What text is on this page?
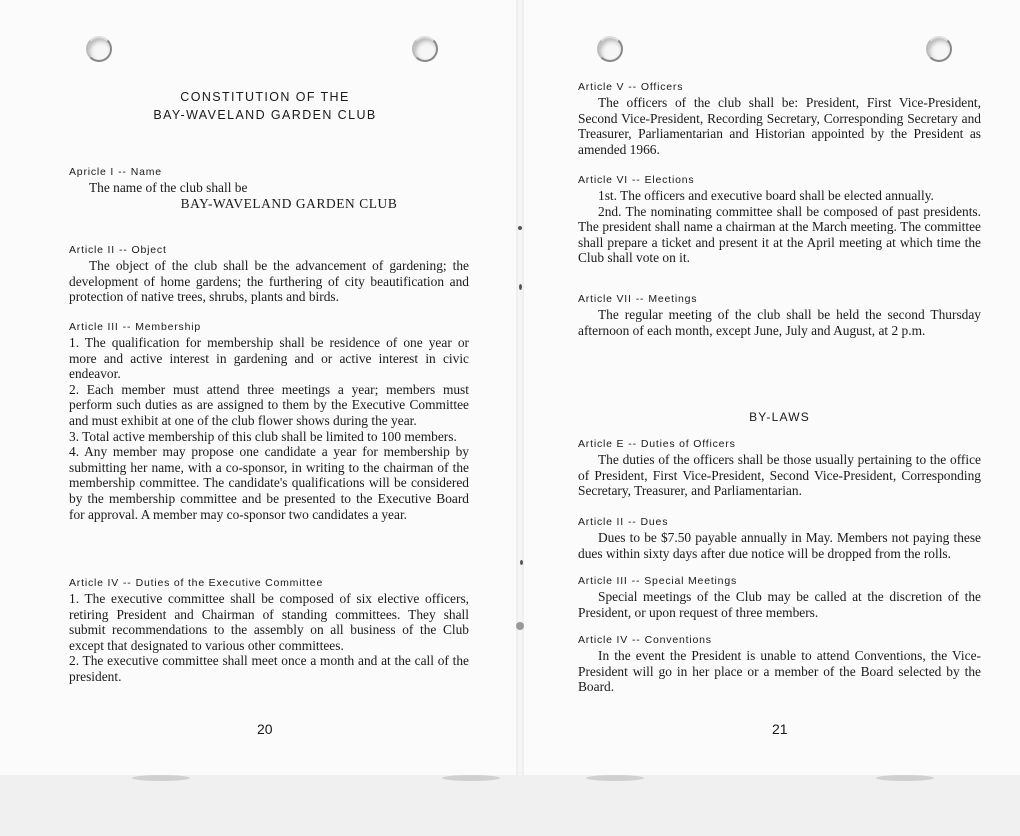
CONSTITUTION OF THE
BAY-WAVELAND GARDEN CLUB

Apricle I -- Name

The name of the club shall be

BAY-WAVELAND GARDEN CLUB

Article II -- Object

The object of the club shall be the advancement of gardening; the development of home gardens; the furthering of city beautification and protection of native trees, shrubs, plants and birds.

Article III -- Membership

1. The qualification for membership shall be residence of one year or more and active interest in gardening and or active interest in civic endeavor.

2. Each member must attend three meetings a year; members must perform such duties as are assigned to them by the Executive Committee and must exhibit at one of the club flower shows during the year.

3. Total active membership of this club shall be limited to 100 members.

4. Any member may propose one candidate a year for membership by submitting her name, with a co-sponsor, in writing to the chairman of the membership committee. The candidate's qualifications will be considered by the membership committee and be presented to the Executive Board for approval. A member may co-sponsor two candidates a year.

Article IV -- Duties of the Executive Committee

1. The executive committee shall be composed of six elective officers, retiring President and Chairman of standing committees. They shall submit recommendations to the assembly on all business of the Club except that designated to various other committees.

2. The executive committee shall meet once a month and at the call of the president.

20

Article V -- Officers

The officers of the club shall be: President, First Vice-President, Second Vice-President, Recording Secretary, Corresponding Secretary and Treasurer, Parliamentarian and Historian appointed by the President as amended 1966.

Article VI -- Elections

1st. The officers and executive board shall be elected annually.

2nd. The nominating committee shall be composed of past presidents. The president shall name a chairman at the March meeting. The committee shall prepare a ticket and present it at the April meeting at which time the Club shall vote on it.

Article VII -- Meetings

The regular meeting of the club shall be held the second Thursday afternoon of each month, except June, July and August, at 2 p.m.

BY-LAWS

Article E -- Duties of Officers

The duties of the officers shall be those usually pertaining to the office of President, First Vice-President, Second Vice-President, Corresponding Secretary, Treasurer, and Parliamentarian.

Article II -- Dues

Dues to be $7.50 payable annually in May. Members not paying these dues within sixty days after due notice will be dropped from the rolls.

Article III -- Special Meetings

Special meetings of the Club may be called at the discretion of the President, or upon request of three members.

Article IV -- Conventions

In the event the President is unable to attend Conventions, the Vice-President will go in her place or a member of the Board selected by the Board.

21
